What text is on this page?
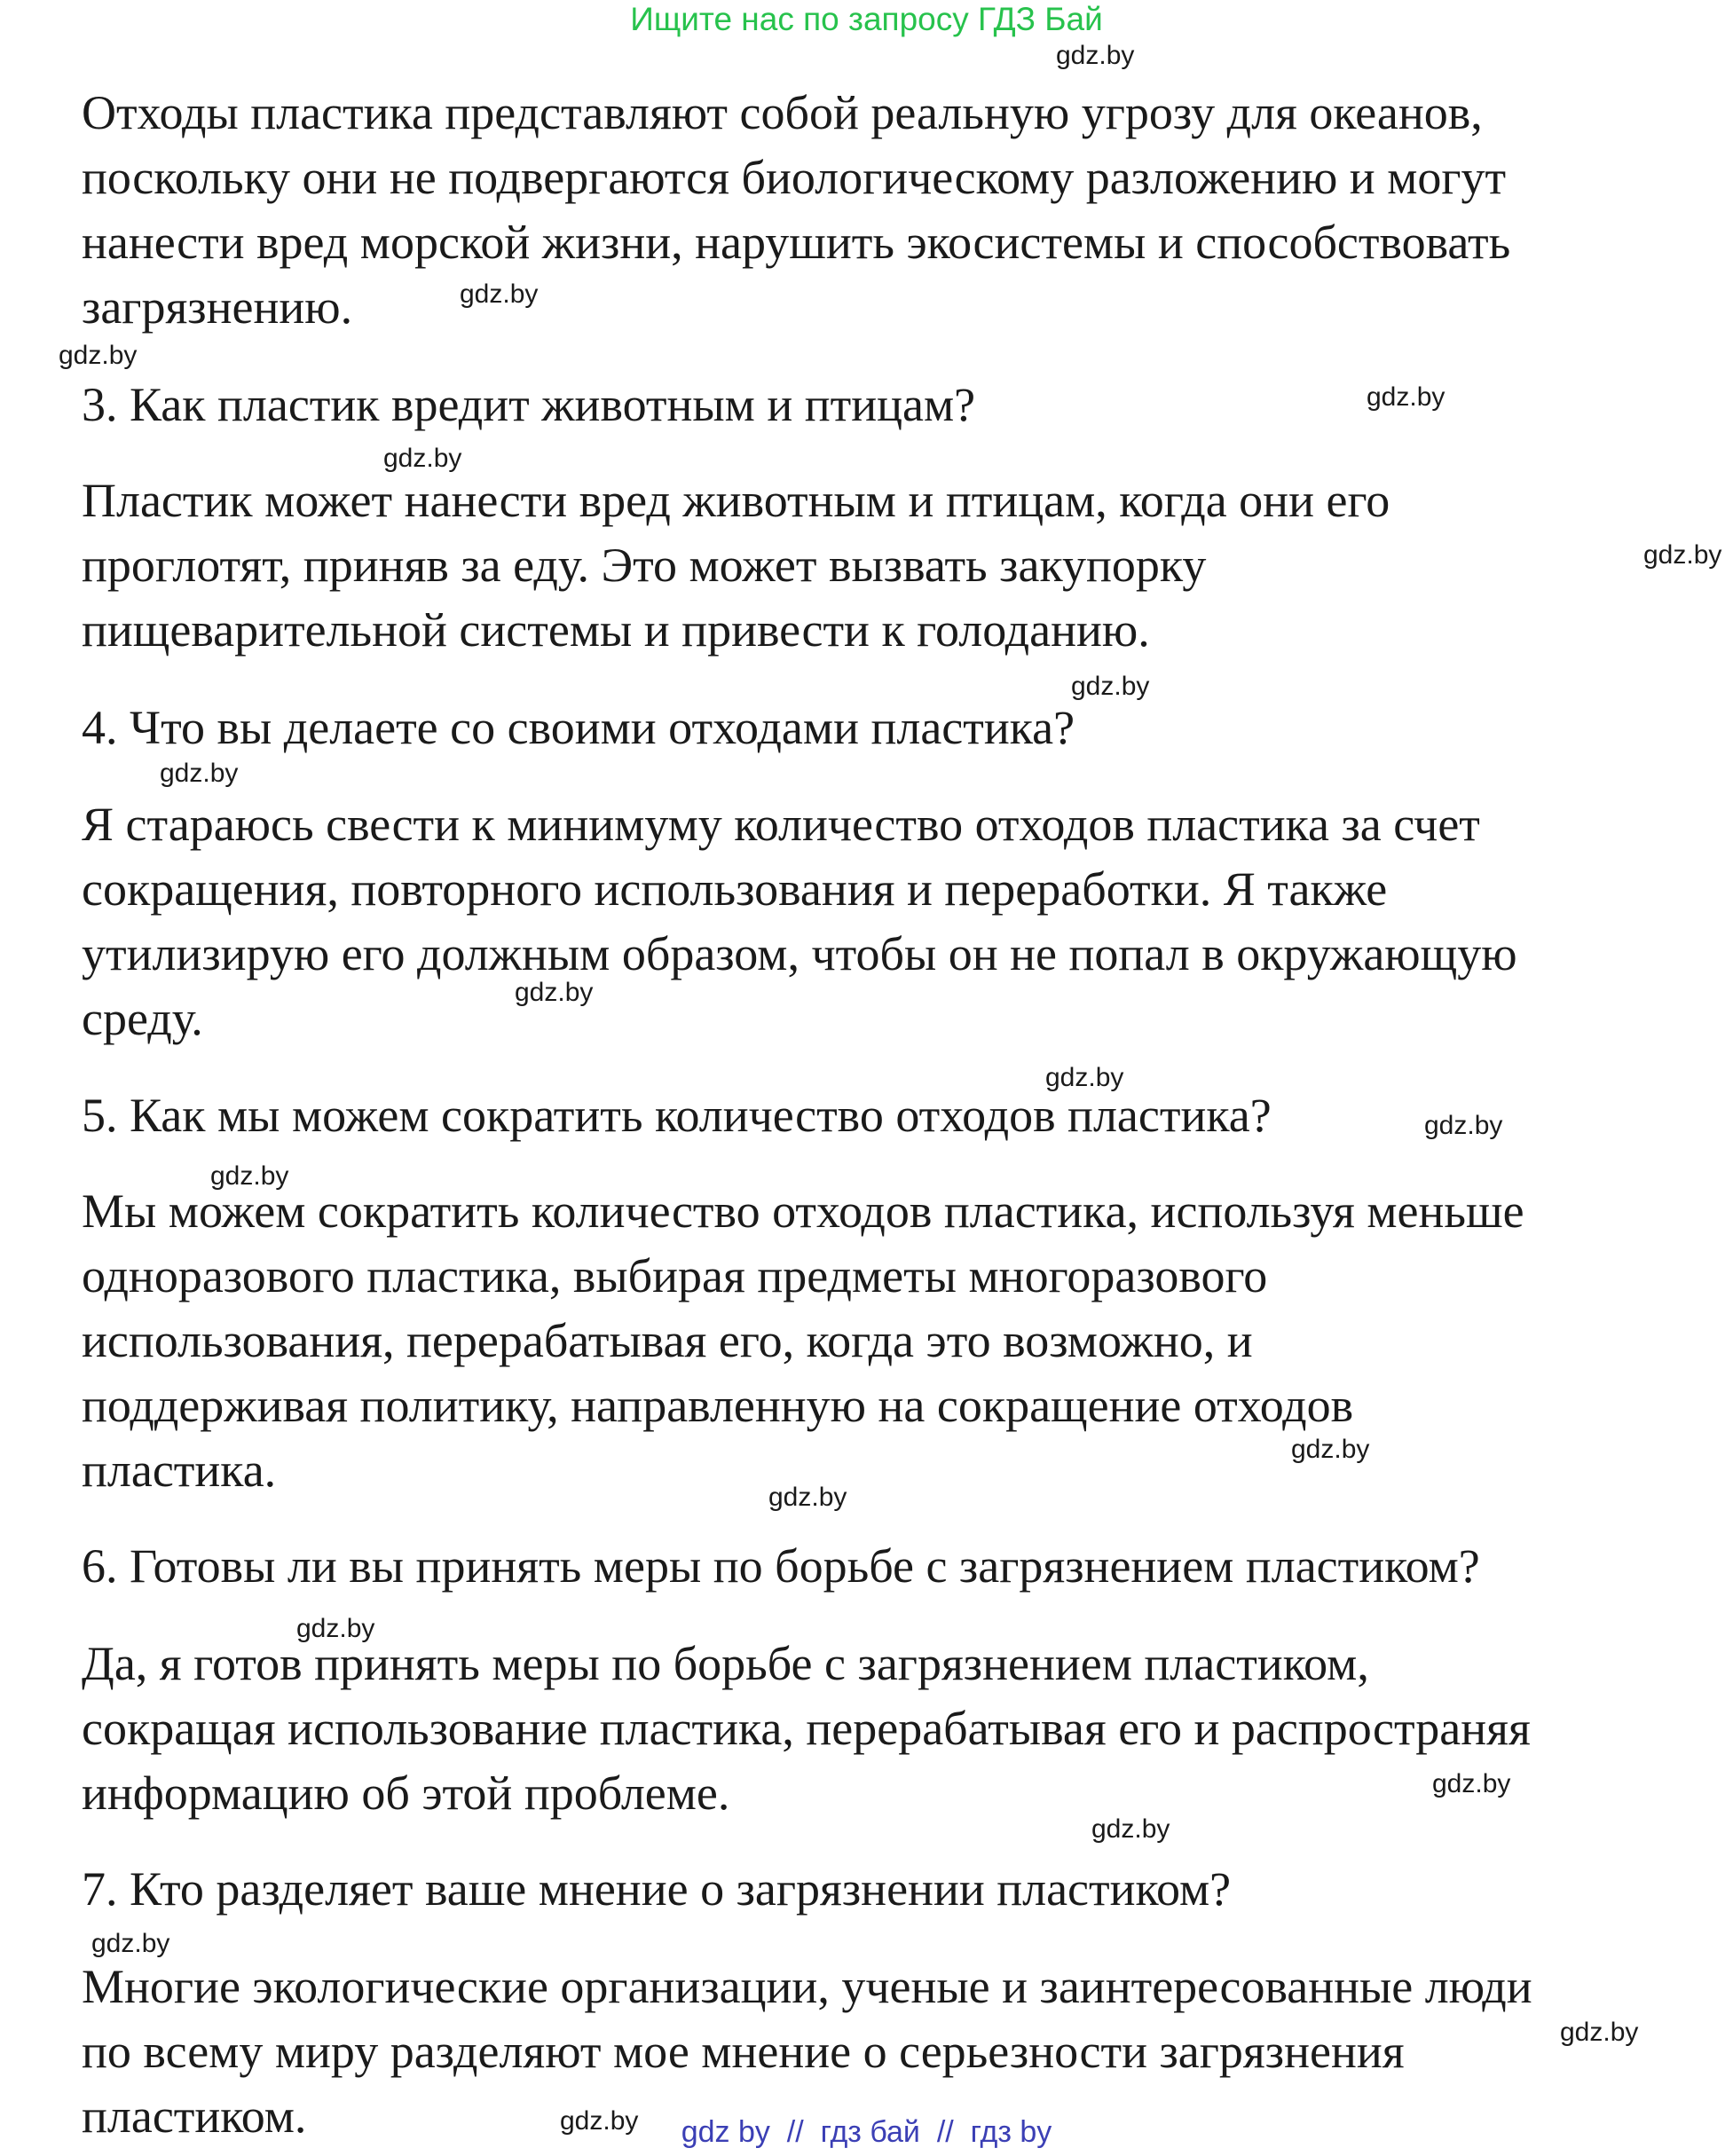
Ищите нас по запросу ГДЗ Бай
gdz.by
gdz.by
gdz.by
gdz.by
gdz.by
gdz.by
gdz.by
gdz.by
gdz.by
gdz.by
gdz.by
gdz.by
gdz.by
gdz.by
gdz.by
gdz.by
gdz.by
gdz.by
gdz.by
gdz.by
Отходы пластика представляют собой реальную угрозу для океанов,
поскольку они не подвергаются биологическому разложению и могут
нанести вред морской жизни, нарушить экосистемы и способствовать
загрязнению.
3. Как пластик вредит животным и птицам?
Пластик может нанести вред животным и птицам, когда они его
проглотят, приняв за еду. Это может вызвать закупорку
пищеварительной системы и привести к голоданию.
4. Что вы делаете со своими отходами пластика?
Я стараюсь свести к минимуму количество отходов пластика за счет
сокращения, повторного использования и переработки. Я также
утилизирую его должным образом, чтобы он не попал в окружающую
среду.
5. Как мы можем сократить количество отходов пластика?
Мы можем сократить количество отходов пластика, используя меньше
одноразового пластика, выбирая предметы многоразового
использования, перерабатывая его, когда это возможно, и
поддерживая политику, направленную на сокращение отходов
пластика.
6. Готовы ли вы принять меры по борьбе с загрязнением пластиком?
Да, я готов принять меры по борьбе с загрязнением пластиком,
сокращая использование пластика, перерабатывая его и распространяя
информацию об этой проблеме.
7. Кто разделяет ваше мнение о загрязнении пластиком?
Многие экологические организации, ученые и заинтересованные люди
по всему миру разделяют мое мнение о серьезности загрязнения
пластиком.	gdz by  //  гдз бай  //  гдз by
